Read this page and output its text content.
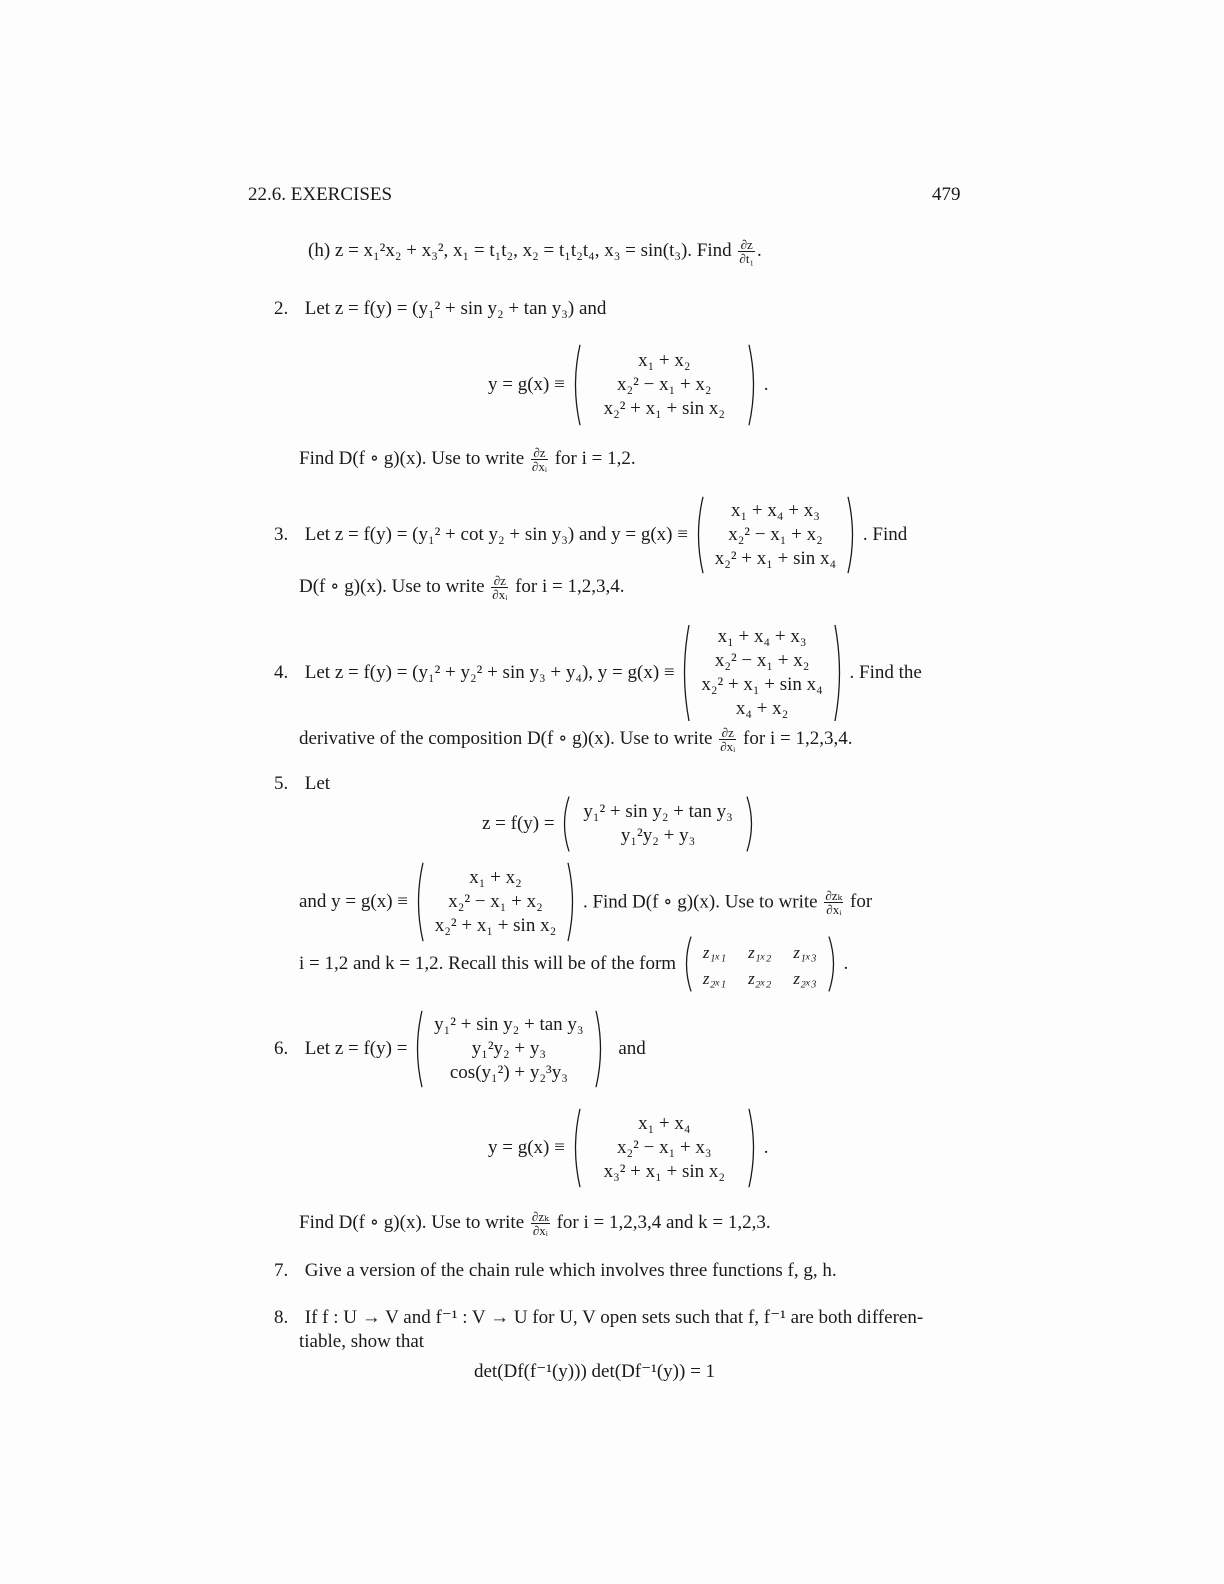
22.6. EXERCISES	479
(h) z = x₁²x₂ + x₃², x₁ = t₁t₂, x₂ = t₁t₂t₄, x₃ = sin(t₃). Find $\frac{\partial z}{\text{∂t₁}}$ .
2. Let z = f(y) = (y₁² + sin y₂ + tan y₃) and
y = g(x) ≡
x₁ + x₂
x₂² − x₁ + x₂
x₂² + x₁ + sin x₂
.
Find D(f ∘ g)(x). Use to write $\frac{\partial z}{\text{∂xᵢ}}$ for i = 1,2.
3. Let z = f(y) = (y₁² + cot y₂ + sin y₃) and y = g(x) ≡
x₁ + x₄ + x₃
x₂² − x₁ + x₂
x₂² + x₁ + sin x₄
. Find
D(f ∘ g)(x). Use to write $\frac{\partial z}{\text{∂xᵢ}}$ for i = 1,2,3,4.
4. Let z = f(y) = (y₁² + y₂² + sin y₃ + y₄), y = g(x) ≡
x₁ + x₄ + x₃
x₂² − x₁ + x₂
x₂² + x₁ + sin x₄
x₄ + x₂
. Find the
derivative of the composition D(f ∘ g)(x). Use to write $\frac{\partial z}{\text{∂xᵢ}}$ for i = 1,2,3,4.
5. Let
z = f(y) =
y₁² + sin y₂ + tan y₃
y₁²y₂ + y₃
and y = g(x) ≡
x₁ + x₂
x₂² − x₁ + x₂
x₂² + x₁ + sin x₂
. Find D(f ∘ g)(x). Use to write $\frac{\text{∂zₖ}}{\text{∂xᵢ}}$ for
i = 1,2 and k = 1,2. Recall this will be of the form
z₁ₓ₁ z₁ₓ₂ z₁ₓ₃
z₂ₓ₁ z₂ₓ₂ z₂ₓ₃
.
6. Let z = f(y) =
y₁² + sin y₂ + tan y₃
y₁²y₂ + y₃
cos(y₁²) + y₂³y₃
and
y = g(x) ≡
x₁ + x₄
x₂² − x₁ + x₃
x₃² + x₁ + sin x₂
.
Find D(f ∘ g)(x). Use to write $\frac{\text{∂zₖ}}{\text{∂xᵢ}}$ for i = 1,2,3,4 and k = 1,2,3.
7. Give a version of the chain rule which involves three functions f, g, h.
8. If f : U → V and f⁻¹ : V → U for U, V open sets such that f, f⁻¹ are both differen-
tiable, show that
det(Df(f⁻¹(y))) det(Df⁻¹(y)) = 1
